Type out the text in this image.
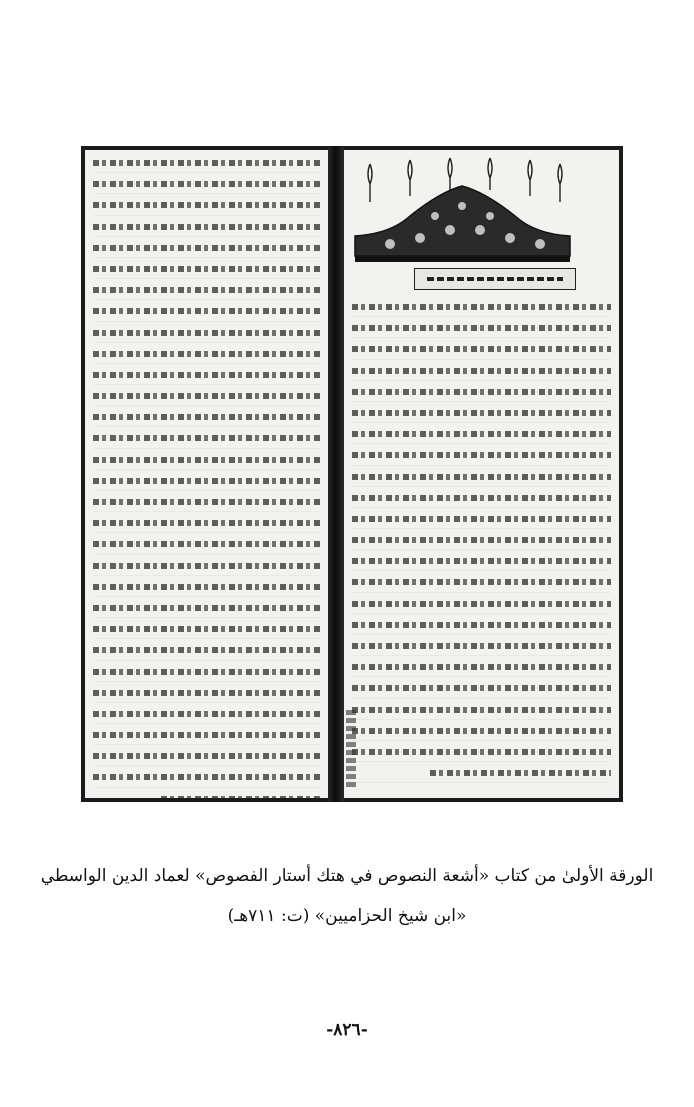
الورقة الأولىٰ من كتاب «أشعة النصوص في هتك أستار الفصوص» لعماد الدين الواسطي
«ابن شيخ الحزاميين» (ت: ٧١١هـ)
-٨٢٦-
